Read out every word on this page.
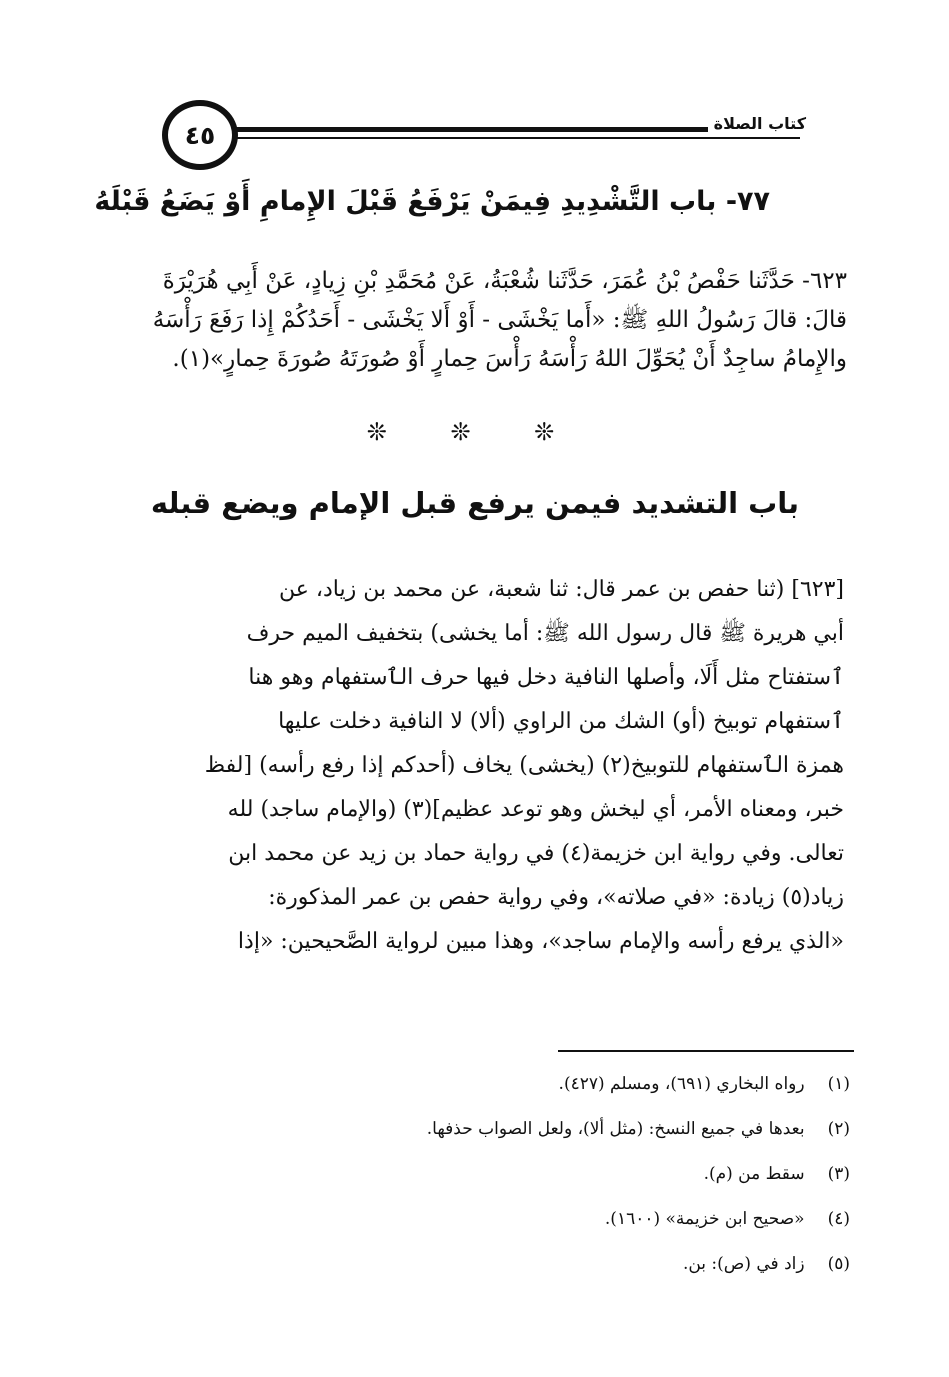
٤٥	كتاب الصلاة
٧٧- باب التَّشْدِيدِ فِيمَنْ يَرْفَعُ قَبْلَ الإِمامِ أَوْ يَضَعُ قَبْلَهُ
٦٢٣- حَدَّثَنا حَفْصُ بْنُ عُمَرَ، حَدَّثَنا شُعْبَةُ، عَنْ مُحَمَّدِ بْنِ زِيادٍ، عَنْ أَبِي هُرَيْرَةَ
قالَ: قالَ رَسُولُ اللهِ ﷺ: «أَما يَخْشَى - أَوْ أَلا يَخْشَى - أَحَدُكُمْ إِذا رَفَعَ رَأْسَهُ
والإِمامُ ساجِدٌ أَنْ يُحَوِّلَ اللهُ رَأْسَهُ رَأْسَ حِمارٍ أَوْ صُورَتَهُ صُورَةَ حِمارٍ»(١).
❊ ❊ ❊
باب التشديد فيمن يرفع قبل الإمام ويضع قبله
[٦٢٣] (ثنا حفص بن عمر قال: ثنا شعبة، عن محمد بن زياد، عن
أبي هريرة ﷺ قال رسول الله ﷺ: أما يخشى) بتخفيف الميم حرف
ٱستفتاح مثل أَلَا، وأصلها النافية دخل فيها حرف الٱستفهام وهو هنا
ٱستفهام توبيخ (أو) الشك من الراوي (ألا) لا النافية دخلت عليها
همزة الٱستفهام للتوبيخ(٢) (يخشى) يخاف (أحدكم إذا رفع رأسه) [لفظ
خبر، ومعناه الأمر، أي ليخش وهو توعد عظيم](٣) (والإمام ساجد) لله
تعالى. وفي رواية ابن خزيمة(٤) في رواية حماد بن زيد عن محمد ابن
زياد(٥) زيادة: «في صلاته»، وفي رواية حفص بن عمر المذكورة:
«الذي يرفع رأسه والإمام ساجد»، وهذا مبين لرواية الصَّحيحين: «إذا
(١) رواه البخاري (٦٩١)، ومسلم (٤٢٧).
(٢) بعدها في جميع النسخ: (مثل ألا)، ولعل الصواب حذفها.
(٣) سقط من (م).
(٤) «صحيح ابن خزيمة» (١٦٠٠).
(٥) زاد في (ص): بن.
